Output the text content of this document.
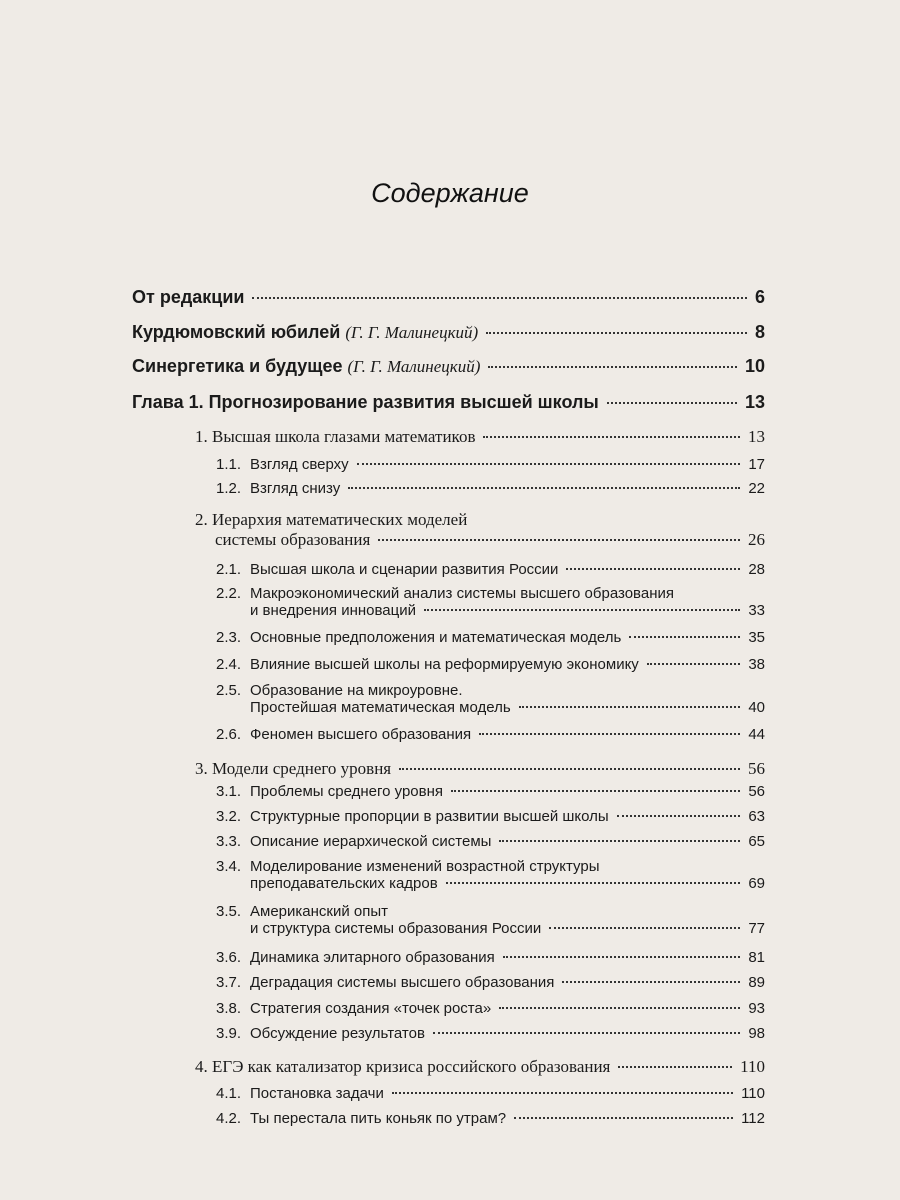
Содержание
От редакции	6
Курдюмовский юбилей (Г. Г. Малинецкий)	8
Синергетика и будущее (Г. Г. Малинецкий)	10
Глава 1. Прогнозирование развития высшей школы	13
1. Высшая школа глазами математиков	13
1.1. Взгляд сверху	17
1.2. Взгляд снизу	22
2. Иерархия математических моделей
системы образования	26
2.1. Высшая школа и сценарии развития России	28
2.2. Макроэкономический анализ системы высшего образования
и внедрения инноваций	33
2.3. Основные предположения и математическая модель	35
2.4. Влияние высшей школы на реформируемую экономику	38
2.5. Образование на микроуровне.
Простейшая математическая модель	40
2.6. Феномен высшего образования	44
3. Модели среднего уровня	56
3.1. Проблемы среднего уровня	56
3.2. Структурные пропорции в развитии высшей школы	63
3.3. Описание иерархической системы	65
3.4. Моделирование изменений возрастной структуры
преподавательских кадров	69
3.5. Американский опыт
и структура системы образования России	77
3.6. Динамика элитарного образования	81
3.7. Деградация системы высшего образования	89
3.8. Стратегия создания «точек роста»	93
3.9. Обсуждение результатов	98
4. ЕГЭ как катализатор кризиса российского образования	110
4.1. Постановка задачи	110
4.2. Ты перестала пить коньяк по утрам?	112
